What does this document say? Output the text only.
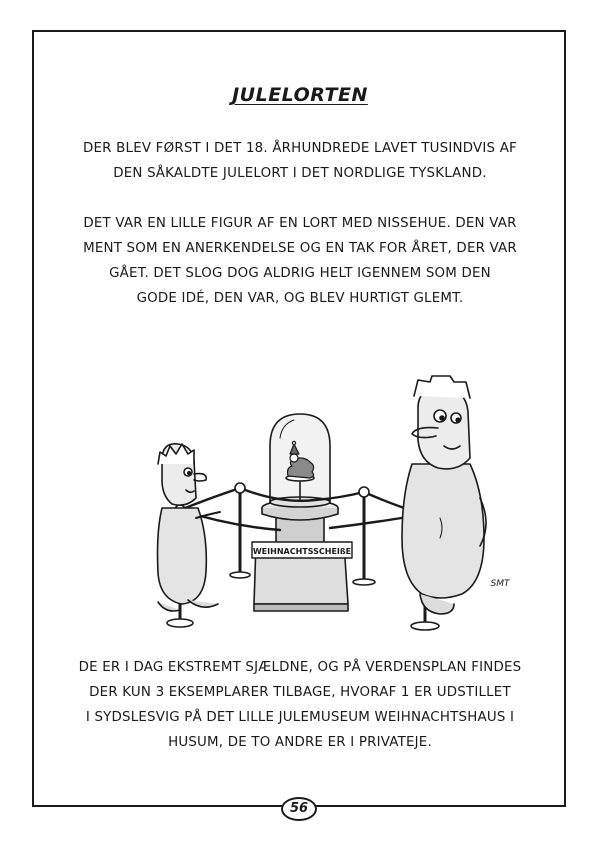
JULELORTEN
DER BLEV FØRST I DET 18. ÅRHUNDREDE LAVET TUSINDVIS AF
DEN SÅKALDTE JULELORT I DET NORDLIGE TYSKLAND.
DET VAR EN LILLE FIGUR AF EN LORT MED NISSEHUE. DEN VAR
MENT SOM EN ANERKENDELSE OG EN TAK FOR ÅRET, DER VAR
GÅET. DET SLOG DOG ALDRIG HELT IGENNEM SOM DEN
GODE IDÉ, DEN VAR, OG BLEV HURTIGT GLEMT.
WEIHNACHTSSCHEIßE
SMT
DE ER I DAG EKSTREMT SJÆLDNE, OG PÅ VERDENSPLAN FINDES
DER KUN 3 EKSEMPLARER TILBAGE, HVORAF 1 ER UDSTILLET
I SYDSLESVIG PÅ DET LILLE JULEMUSEUM WEIHNACHTSHAUS I
HUSUM, DE TO ANDRE ER I PRIVATEJE.
56
